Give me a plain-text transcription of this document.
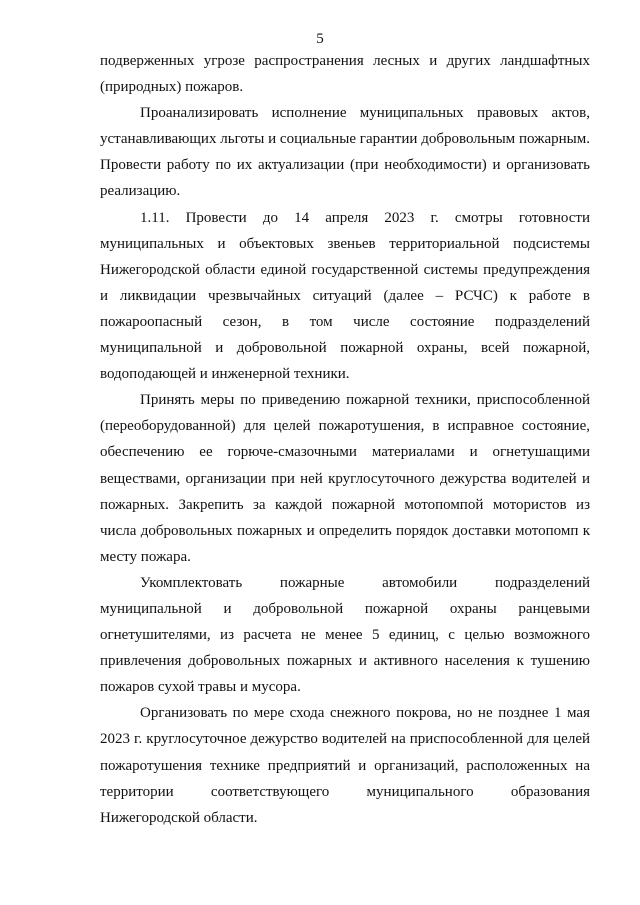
5

подверженных угрозе распространения лесных и других ландшафтных (природных) пожаров.

Проанализировать исполнение муниципальных правовых актов, устанавливающих льготы и социальные гарантии добровольным пожарным. Провести работу по их актуализации (при необходимости) и организовать реализацию.

1.11. Провести до 14 апреля 2023 г. смотры готовности муниципальных и объектовых звеньев территориальной подсистемы Нижегородской области единой государственной системы предупреждения и ликвидации чрезвычайных ситуаций (далее – РСЧС) к работе в пожароопасный сезон, в том числе состояние подразделений муниципальной и добровольной пожарной охраны, всей пожарной, водоподающей и инженерной техники.

Принять меры по приведению пожарной техники, приспособленной (переоборудованной) для целей пожаротушения, в исправное состояние, обеспечению ее горюче-смазочными материалами и огнетушащими веществами, организации при ней круглосуточного дежурства водителей и пожарных. Закрепить за каждой пожарной мотопомпой мотористов из числа добровольных пожарных и определить порядок доставки мотопомп к месту пожара.

Укомплектовать пожарные автомобили подразделений муниципальной и добровольной пожарной охраны ранцевыми огнетушителями, из расчета не менее 5 единиц, с целью возможного привлечения добровольных пожарных и активного населения к тушению пожаров сухой травы и мусора.

Организовать по мере схода снежного покрова, но не позднее 1 мая 2023 г. круглосуточное дежурство водителей на приспособленной для целей пожаротушения технике предприятий и организаций, расположенных на территории соответствующего муниципального образования Нижегородской области.
